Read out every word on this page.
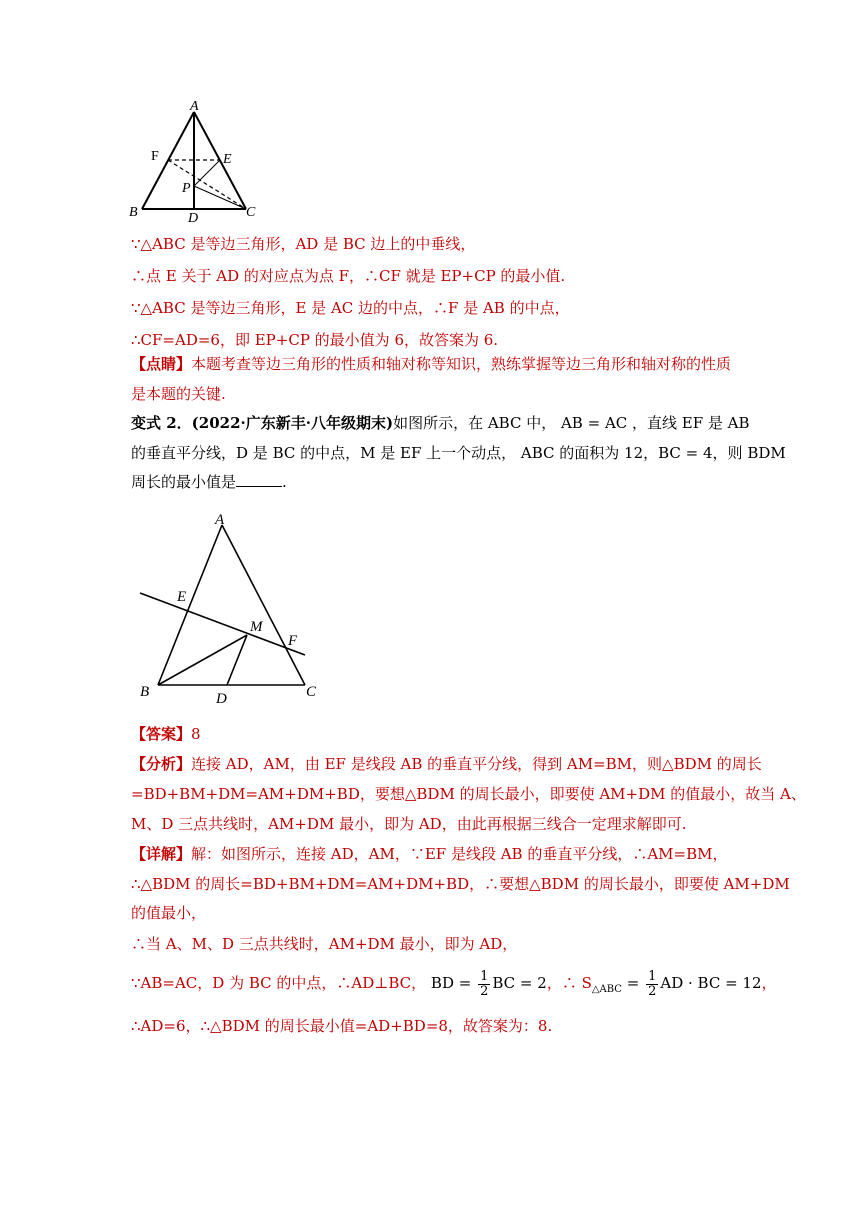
A
F	E
P
B	D	C
∵△ABC 是等边三角形，AD 是 BC 边上的中垂线，
∴点 E 关于 AD 的对应点为点 F，∴CF 就是 EP+CP 的最小值.
∵△ABC 是等边三角形，E 是 AC 边的中点，∴F 是 AB 的中点，
∴CF=AD=6，即 EP+CP 的最小值为 6，故答案为 6.
【点睛】本题考查等边三角形的性质和轴对称等知识，熟练掌握等边三角形和轴对称的性质
是本题的关键.
变式 2．(2022·广东新丰·八年级期末)如图所示，在 ABC 中， AB = AC ，直线 EF 是 AB
的垂直平分线，D 是 BC 的中点，M 是 EF 上一个动点， ABC 的面积为 12，BC = 4，则 BDM
周长的最小值是	.
A
E
M
F
B	D	C
【答案】8
【分析】连接 AD，AM，由 EF 是线段 AB 的垂直平分线，得到 AM=BM，则△BDM 的周长
=BD+BM+DM=AM+DM+BD，要想△BDM 的周长最小，即要使 AM+DM 的值最小，故当 A、
M、D 三点共线时，AM+DM 最小，即为 AD，由此再根据三线合一定理求解即可.
【详解】解：如图所示，连接 AD，AM，∵EF 是线段 AB 的垂直平分线，∴AM=BM，
∴△BDM 的周长=BD+BM+DM=AM+DM+BD，∴要想△BDM 的周长最小，即要使 AM+DM
的值最小，
∴当 A、M、D 三点共线时，AM+DM 最小，即为 AD，
∵AB=AC，D 为 BC 的中点，∴AD⊥BC， BD = $\frac{1}{2}$ BC = 2，∴ $S_{\triangle ABC} = \frac{1}{2}$ AD · BC = 12，
∴AD=6，∴△BDM 的周长最小值=AD+BD=8，故答案为：8.
